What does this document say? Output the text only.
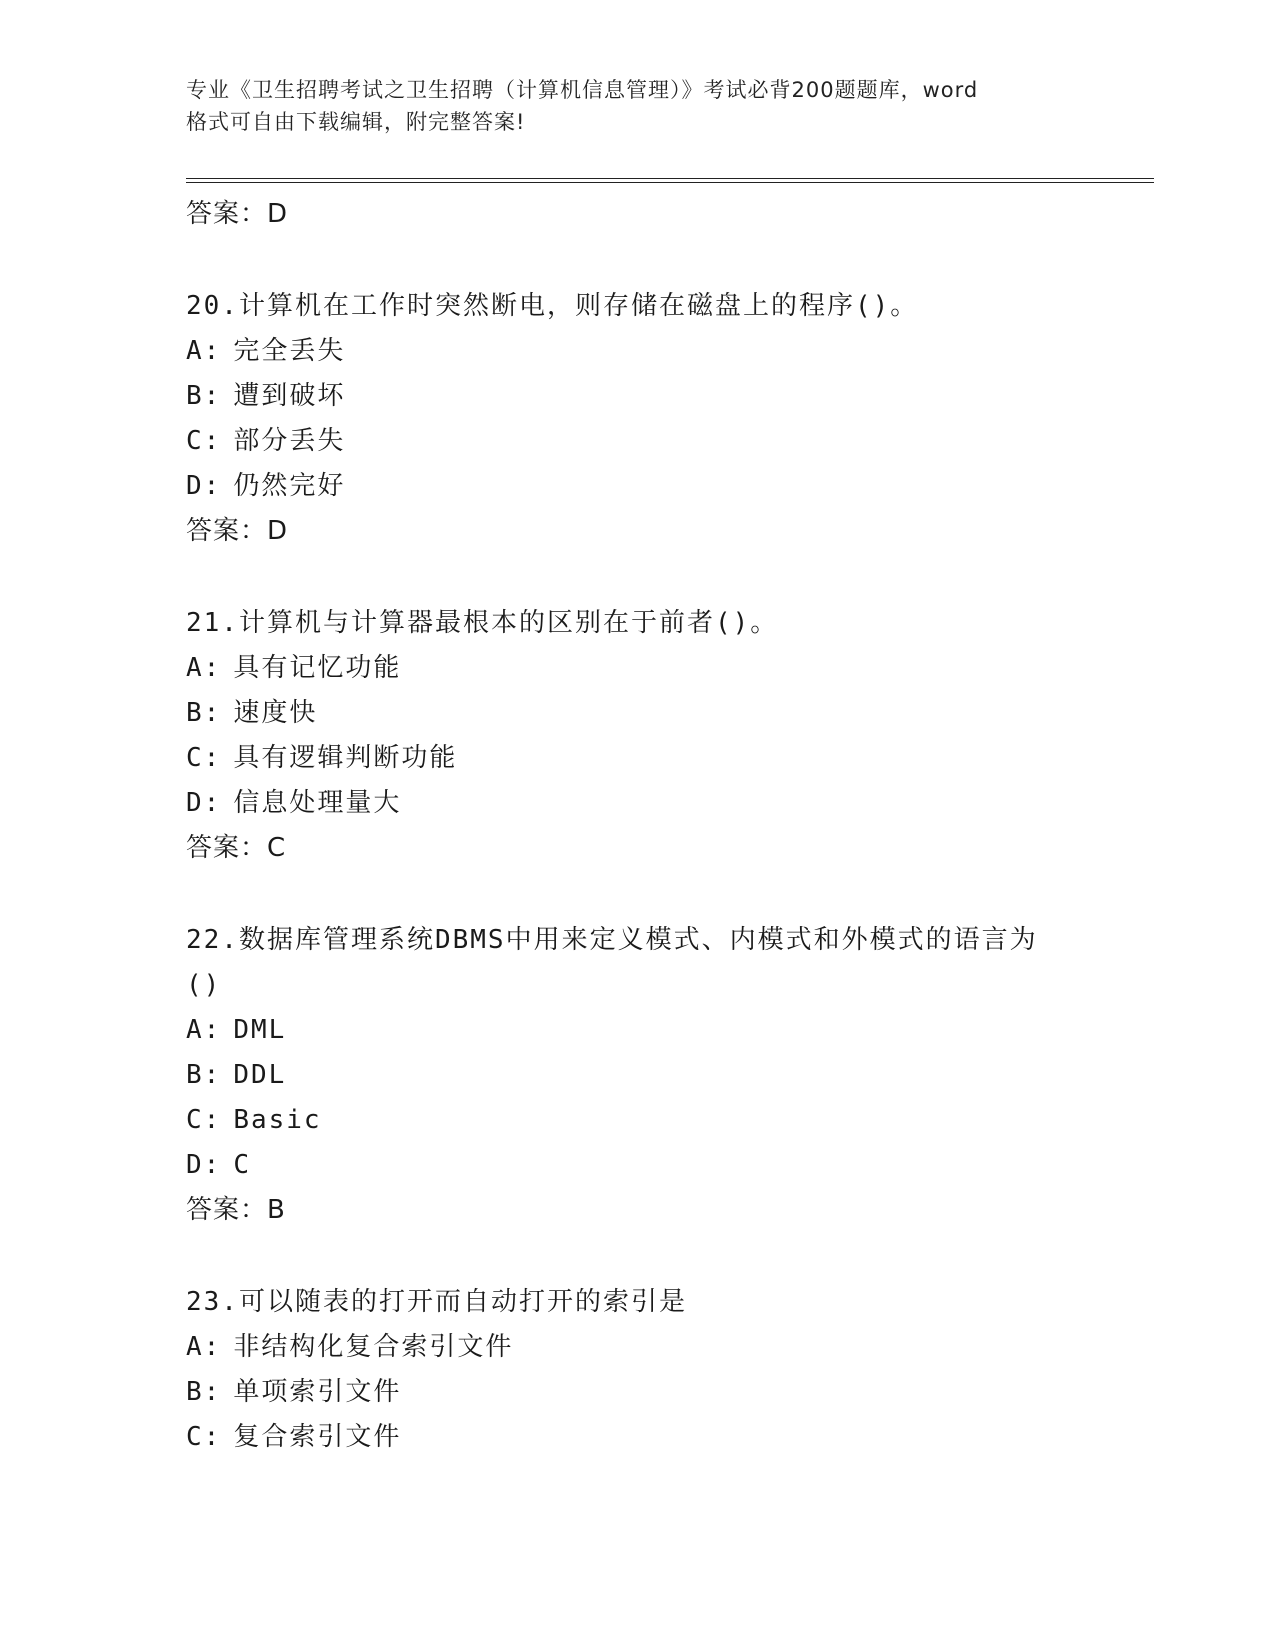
专业《卫生招聘考试之卫生招聘（计算机信息管理）》考试必背200题题库，word
格式可自由下载编辑，附完整答案!
答案：D
20.计算机在工作时突然断电，则存储在磁盘上的程序()。
A: 完全丢失
B: 遭到破坏
C: 部分丢失
D: 仍然完好
答案：D
21.计算机与计算器最根本的区别在于前者()。
A: 具有记忆功能
B: 速度快
C: 具有逻辑判断功能
D: 信息处理量大
答案：C
22.数据库管理系统DBMS中用来定义模式、内模式和外模式的语言为()
A: DML
B: DDL
C: Basic
D: C
答案：B
23.可以随表的打开而自动打开的索引是
A: 非结构化复合索引文件
B: 单项索引文件
C: 复合索引文件
